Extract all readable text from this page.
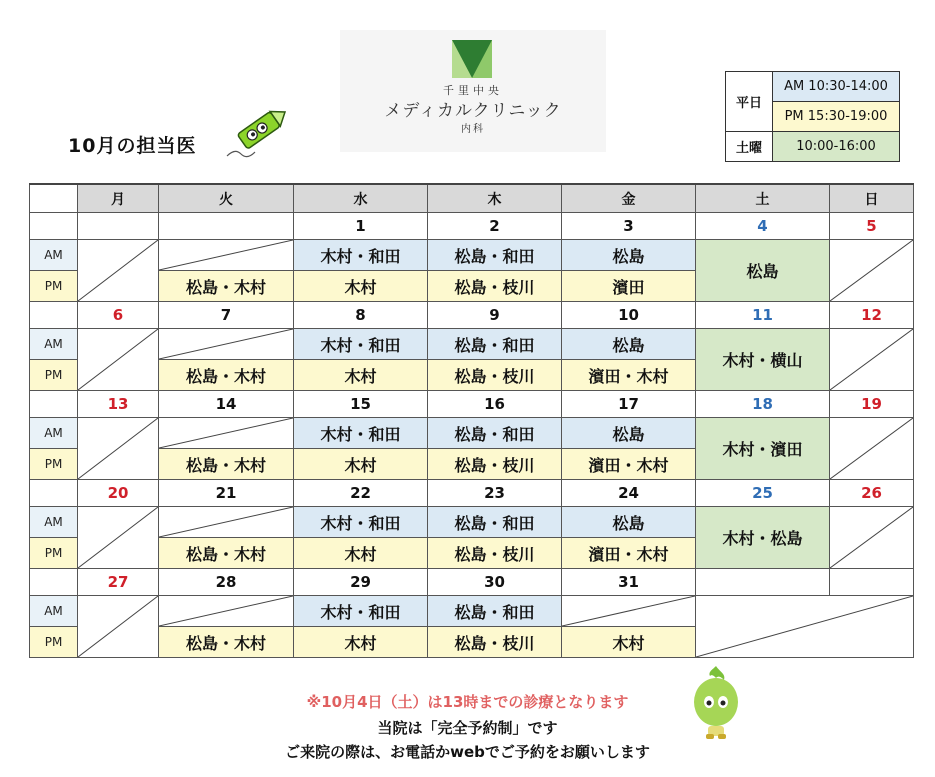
10月の担当医
千里中央
メディカルクリニック
内科
平日	AM 10:30-14:00
	PM 15:30-19:00
土曜	10:00-16:00
	月	火	水	木	金	土	日
			1	2	3	4	5
AM			木村・和田	松島・和田	松島	松島	

PM		松島・木村	木村	松島・枝川	濱田		
	6	7	8	9	10	11	12
AM			木村・和田	松島・和田	松島	木村・横山	

PM		松島・木村	木村	松島・枝川	濱田・木村		
	13	14	15	16	17	18	19
AM			木村・和田	松島・和田	松島	木村・濱田	

PM		松島・木村	木村	松島・枝川	濱田・木村		
	20	21	22	23	24	25	26
AM			木村・和田	松島・和田	松島	木村・松島	

PM		松島・木村	木村	松島・枝川	濱田・木村		
	27	28	29	30	31		
AM			木村・和田	松島・和田	

PM		松島・木村	木村	松島・枝川	木村		
※10月4日（土）は13時までの診療となります
当院は「完全予約制」です
ご来院の際は、お電話かwebでご予約をお願いします
